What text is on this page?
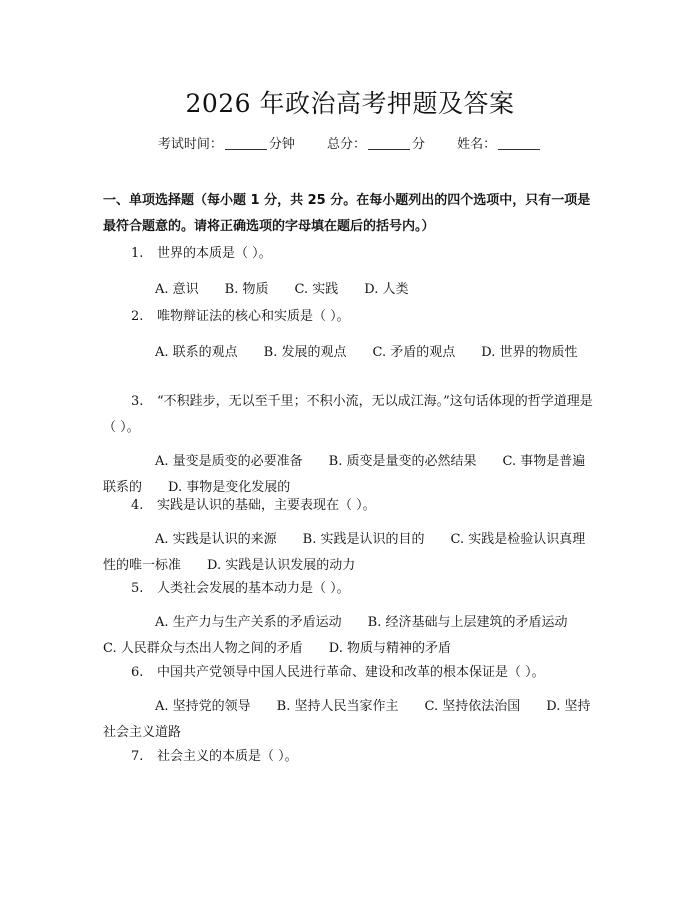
2026 年政治高考押题及答案
考试时间：	分钟 总分：	分 姓名：
一、单项选择题（每小题 1 分，共 25 分。在每小题列出的四个选项中，只有一项是最符合题意的。请将正确选项的字母填在题后的括号内。）
1. 世界的本质是（ ）。
A. 意识 B. 物质 C. 实践 D. 人类
2. 唯物辩证法的核心和实质是（ ）。
A. 联系的观点 B. 发展的观点 C. 矛盾的观点 D. 世界的物质性
3. “不积跬步，无以至千里；不积小流，无以成江海。”这句话体现的哲学道理是（ ）。
A. 量变是质变的必要准备 B. 质变是量变的必然结果 C. 事物是普遍联系的 D. 事物是变化发展的
4. 实践是认识的基础，主要表现在（ ）。
A. 实践是认识的来源 B. 实践是认识的目的 C. 实践是检验认识真理性的唯一标准 D. 实践是认识发展的动力
5. 人类社会发展的基本动力是（ ）。
A. 生产力与生产关系的矛盾运动 B. 经济基础与上层建筑的矛盾运动C. 人民群众与杰出人物之间的矛盾 D. 物质与精神的矛盾
6. 中国共产党领导中国人民进行革命、建设和改革的根本保证是（ ）。
A. 坚持党的领导 B. 坚持人民当家作主 C. 坚持依法治国 D. 坚持社会主义道路
7. 社会主义的本质是（ ）。
